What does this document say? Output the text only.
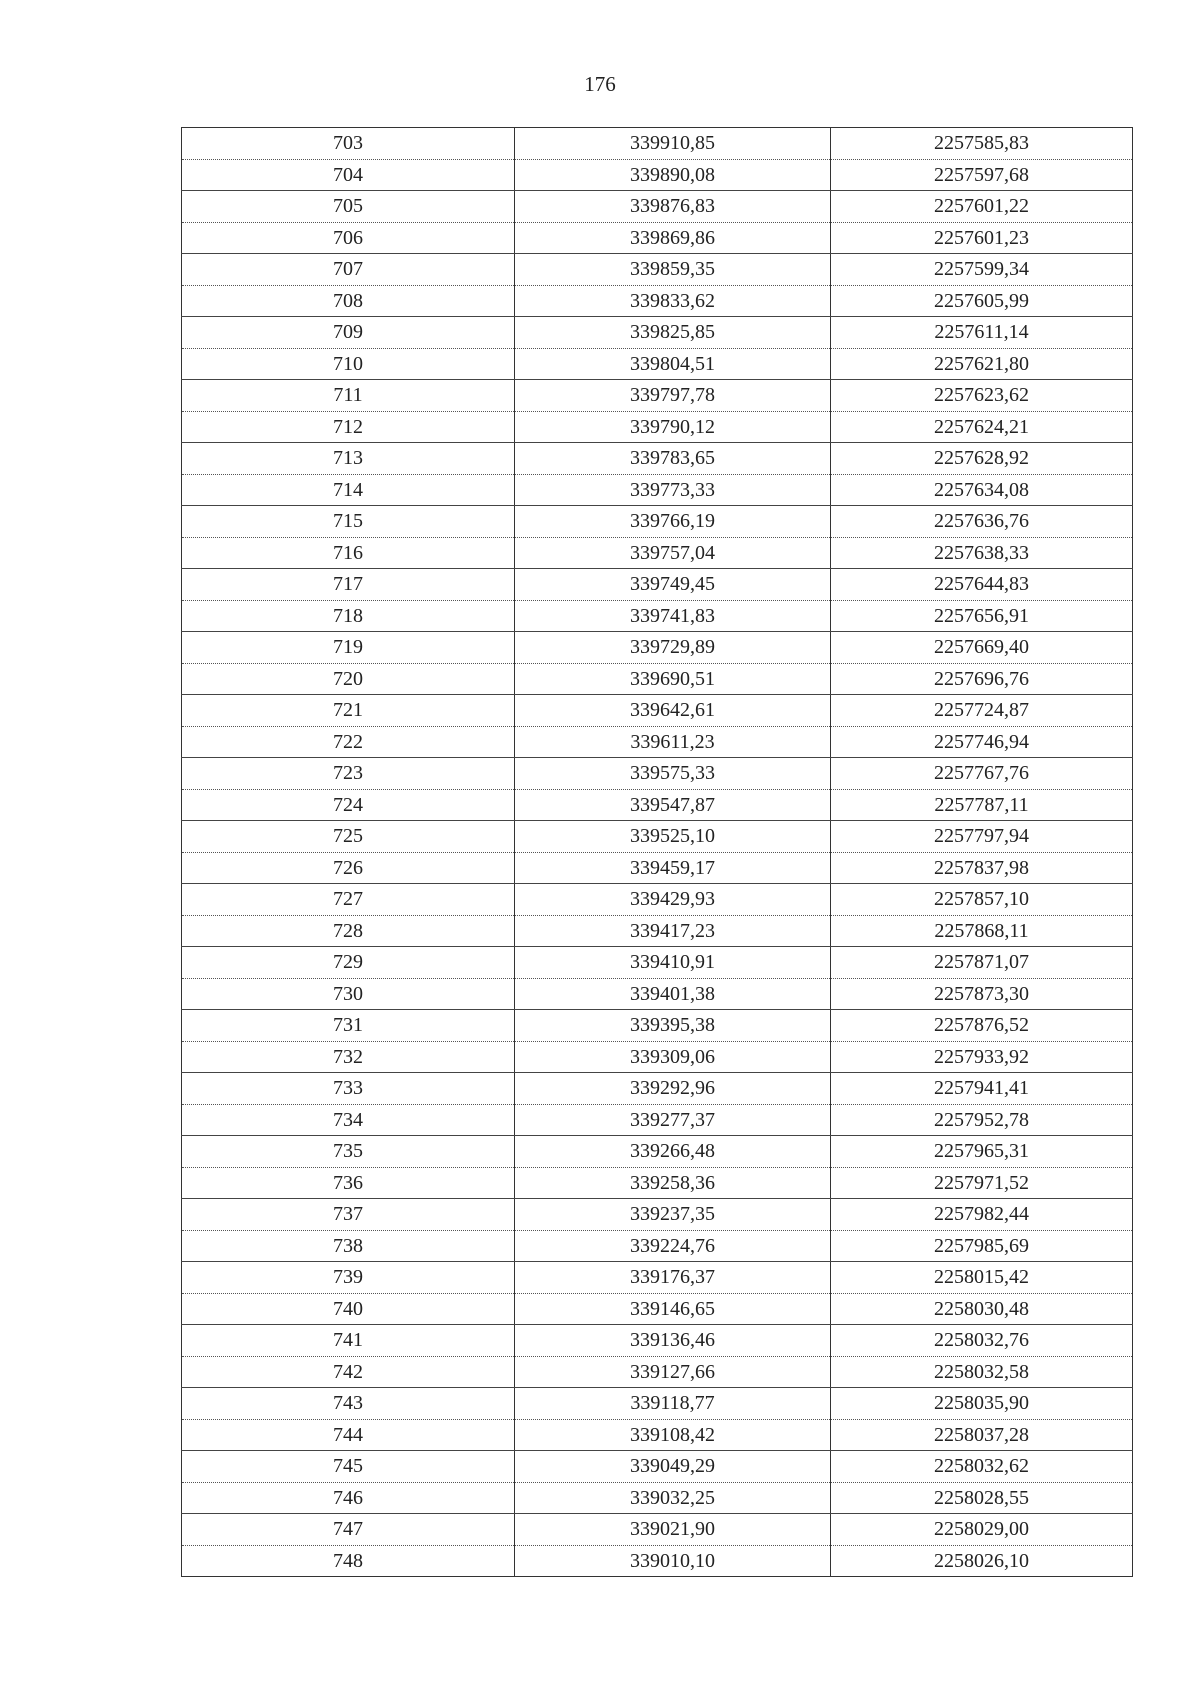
176
703	339910,85	2257585,83
704	339890,08	2257597,68
705	339876,83	2257601,22
706	339869,86	2257601,23
707	339859,35	2257599,34
708	339833,62	2257605,99
709	339825,85	2257611,14
710	339804,51	2257621,80
711	339797,78	2257623,62
712	339790,12	2257624,21
713	339783,65	2257628,92
714	339773,33	2257634,08
715	339766,19	2257636,76
716	339757,04	2257638,33
717	339749,45	2257644,83
718	339741,83	2257656,91
719	339729,89	2257669,40
720	339690,51	2257696,76
721	339642,61	2257724,87
722	339611,23	2257746,94
723	339575,33	2257767,76
724	339547,87	2257787,11
725	339525,10	2257797,94
726	339459,17	2257837,98
727	339429,93	2257857,10
728	339417,23	2257868,11
729	339410,91	2257871,07
730	339401,38	2257873,30
731	339395,38	2257876,52
732	339309,06	2257933,92
733	339292,96	2257941,41
734	339277,37	2257952,78
735	339266,48	2257965,31
736	339258,36	2257971,52
737	339237,35	2257982,44
738	339224,76	2257985,69
739	339176,37	2258015,42
740	339146,65	2258030,48
741	339136,46	2258032,76
742	339127,66	2258032,58
743	339118,77	2258035,90
744	339108,42	2258037,28
745	339049,29	2258032,62
746	339032,25	2258028,55
747	339021,90	2258029,00
748	339010,10	2258026,10
